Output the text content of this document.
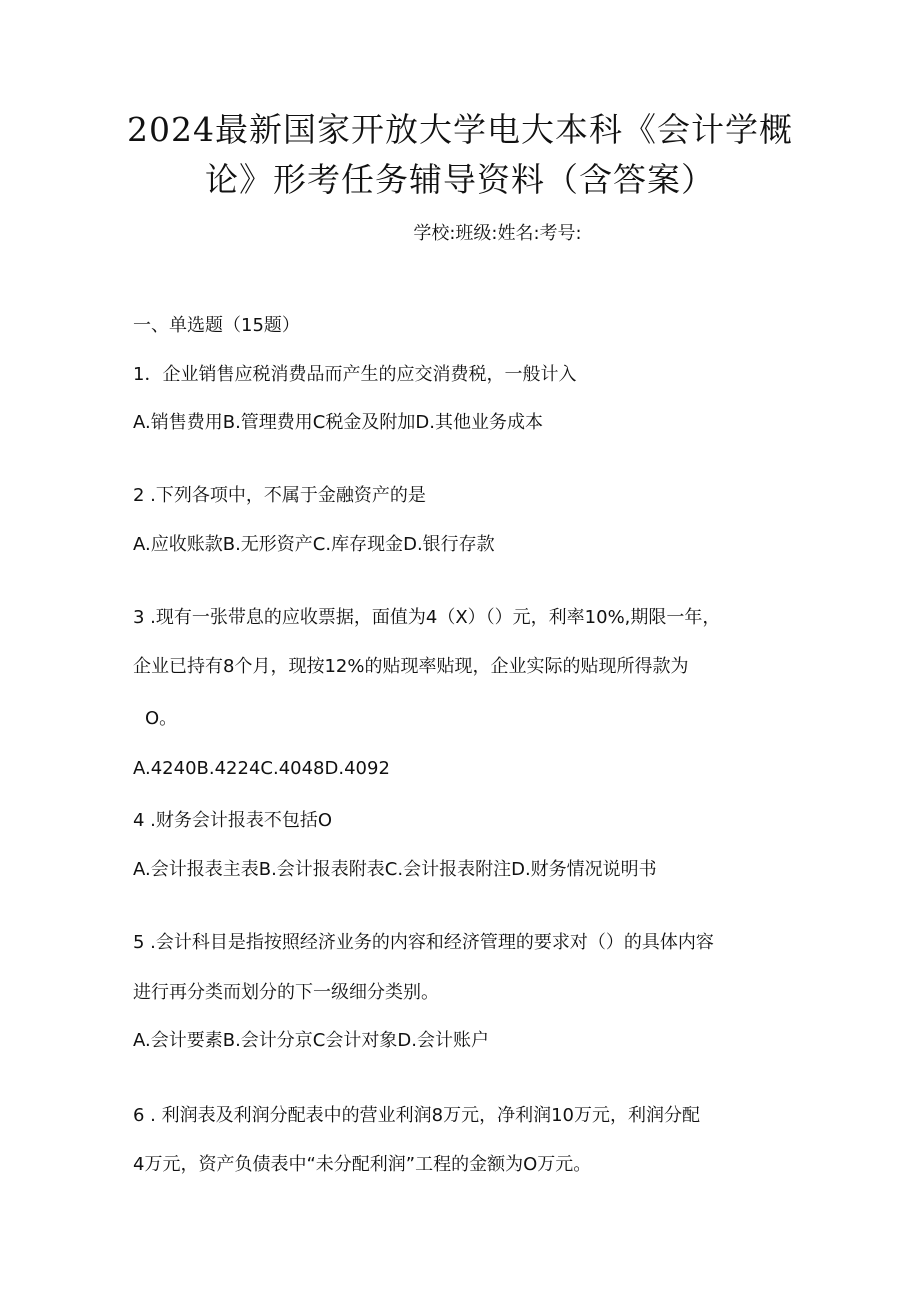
2024最新国家开放大学电大本科《会计学概
论》形考任务辅导资料（含答案）
学校:班级:姓名:考号:
一、单选题（15题）
1．企业销售应税消费品而产生的应交消费税，一般计入
A.销售费用B.管理费用C税金及附加D.其他业务成本
2 .下列各项中，不属于金融资产的是
A.应收账款B.无形资产C.库存现金D.银行存款
3 .现有一张带息的应收票据，面值为4（X）（）元，利率10%,期限一年，
企业已持有8个月，现按12%的贴现率贴现，企业实际的贴现所得款为
O。
A.4240B.4224C.4048D.4092
4 .财务会计报表不包括O
A.会计报表主表B.会计报表附表C.会计报表附注D.财务情况说明书
5 .会计科目是指按照经济业务的内容和经济管理的要求对（）的具体内容
进行再分类而划分的下一级细分类别。
A.会计要素B.会计分京C会计对象D.会计账户
6 . 利润表及利润分配表中的营业利润8万元，净利润10万元，利润分配
4万元，资产负债表中“未分配利润”工程的金额为O万元。
